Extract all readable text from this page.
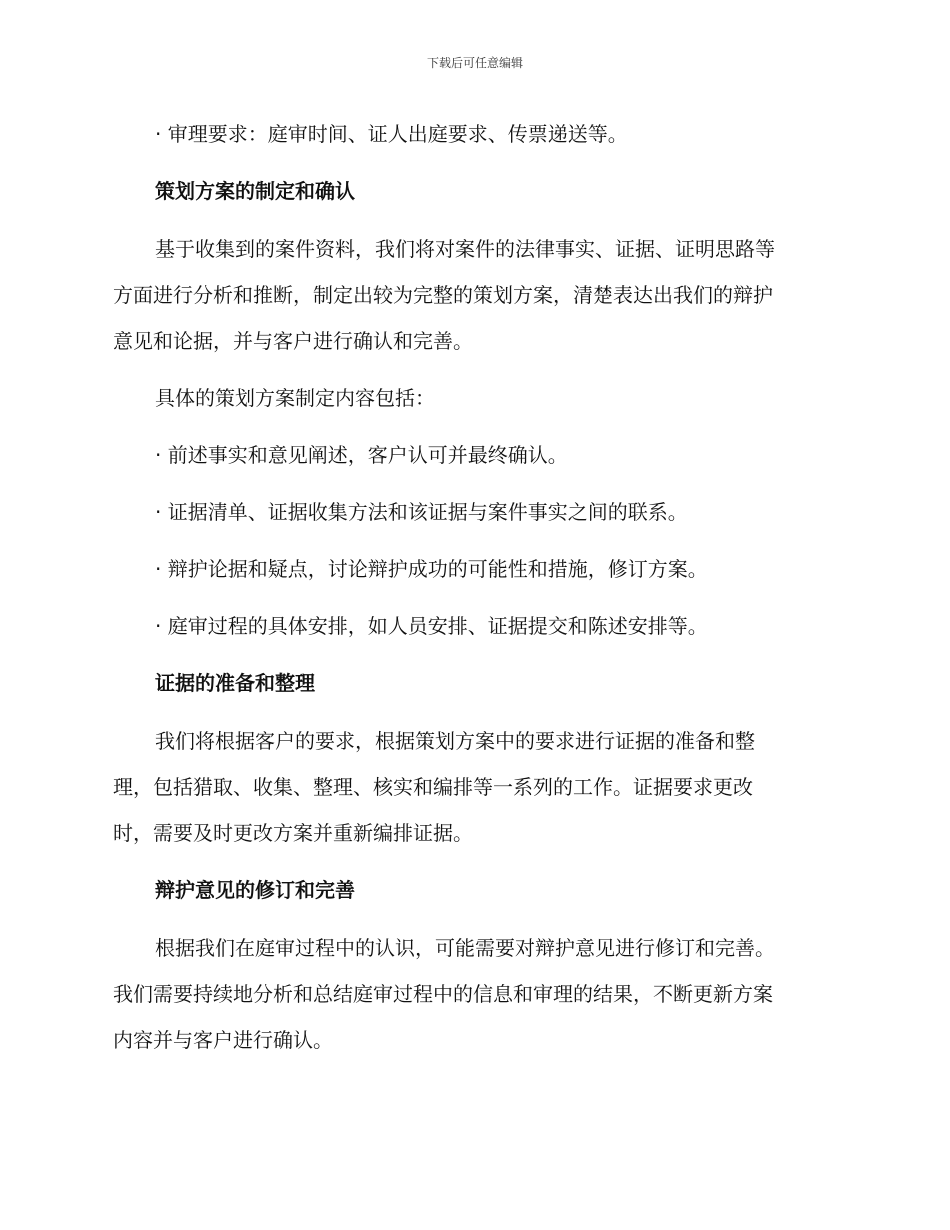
下载后可任意编辑
· 审理要求：庭审时间、证人出庭要求、传票递送等。
策划方案的制定和确认
基于收集到的案件资料，我们将对案件的法律事实、证据、证明思路等
方面进行分析和推断，制定出较为完整的策划方案，清楚表达出我们的辩护
意见和论据，并与客户进行确认和完善。
具体的策划方案制定内容包括：
· 前述事实和意见阐述，客户认可并最终确认。
· 证据清单、证据收集方法和该证据与案件事实之间的联系。
· 辩护论据和疑点，讨论辩护成功的可能性和措施，修订方案。
· 庭审过程的具体安排，如人员安排、证据提交和陈述安排等。
证据的准备和整理
我们将根据客户的要求，根据策划方案中的要求进行证据的准备和整
理，包括猎取、收集、整理、核实和编排等一系列的工作。证据要求更改
时，需要及时更改方案并重新编排证据。
辩护意见的修订和完善
根据我们在庭审过程中的认识，可能需要对辩护意见进行修订和完善。
我们需要持续地分析和总结庭审过程中的信息和审理的结果，不断更新方案
内容并与客户进行确认。
